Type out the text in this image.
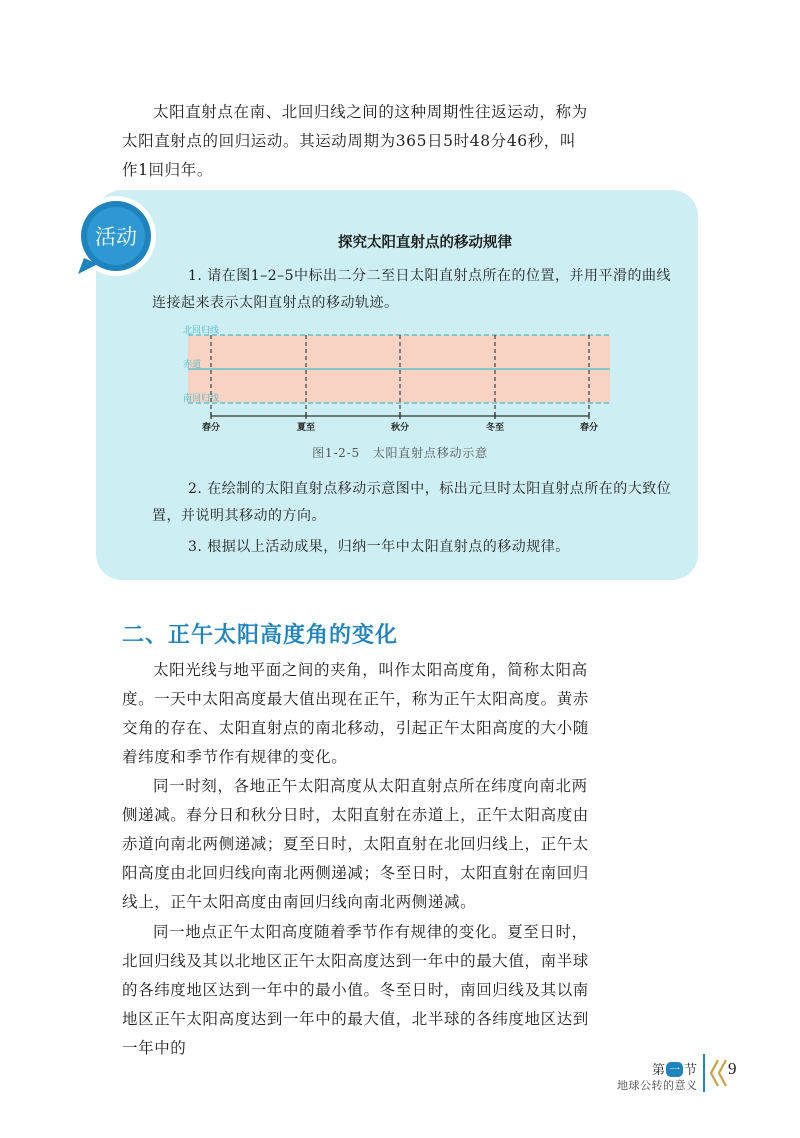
太阳直射点在南、北回归线之间的这种周期性往返运动，称为太阳直射点的回归运动。其运动周期为365日5时48分46秒，叫作1回归年。

活动	探究太阳直射点的移动规律

1. 请在图1–2–5中标出二分二至日太阳直射点所在的位置，并用平滑的曲线连接起来表示太阳直射点的移动轨迹。

北回归线
赤道
南回归线
春分	夏至	秋分	冬至	春分
图1-2-5　太阳直射点移动示意

2. 在绘制的太阳直射点移动示意图中，标出元旦时太阳直射点所在的大致位置，并说明其移动的方向。

3. 根据以上活动成果，归纳一年中太阳直射点的移动规律。

二、正午太阳高度角的变化

太阳光线与地平面之间的夹角，叫作太阳高度角，简称太阳高度。一天中太阳高度最大值出现在正午，称为正午太阳高度。黄赤交角的存在、太阳直射点的南北移动，引起正午太阳高度的大小随着纬度和季节作有规律的变化。

同一时刻，各地正午太阳高度从太阳直射点所在纬度向南北两侧递减。春分日和秋分日时，太阳直射在赤道上，正午太阳高度由赤道向南北两侧递减；夏至日时，太阳直射在北回归线上，正午太阳高度由北回归线向南北两侧递减；冬至日时，太阳直射在南回归线上，正午太阳高度由南回归线向南北两侧递减。

同一地点正午太阳高度随着季节作有规律的变化。夏至日时，北回归线及其以北地区正午太阳高度达到一年中的最大值，南半球的各纬度地区达到一年中的最小值。冬至日时，南回归线及其以南地区正午太阳高度达到一年中的最大值，北半球的各纬度地区达到一年中的

第 一 节
地球公转的意义
9
